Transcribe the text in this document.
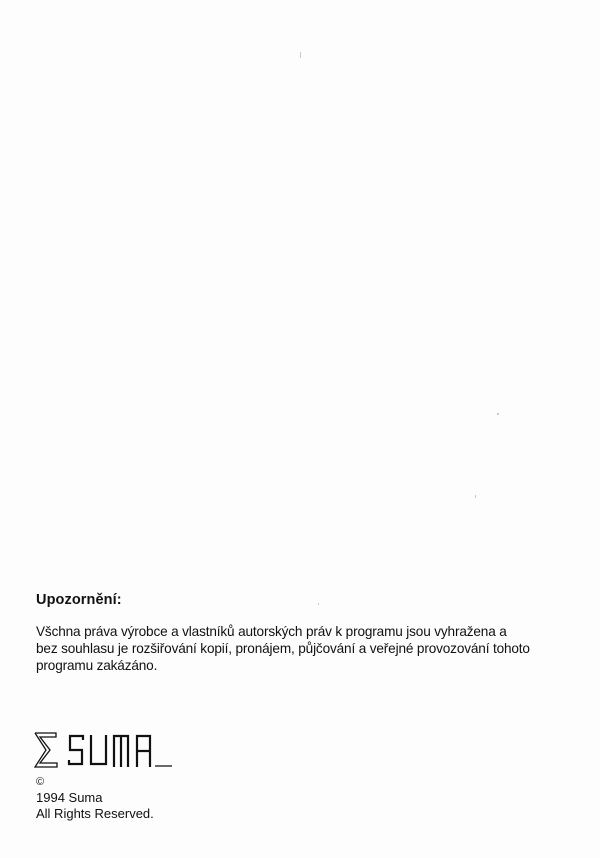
Upozornění:
Všchna práva výrobce a vlastníků autorských práv k programu jsou vyhražena a
bez souhlasu je rozšiřování kopií, pronájem, půjčování a veřejné provozování tohoto
programu zakázáno.
©
1994 Suma
All Rights Reserved.
